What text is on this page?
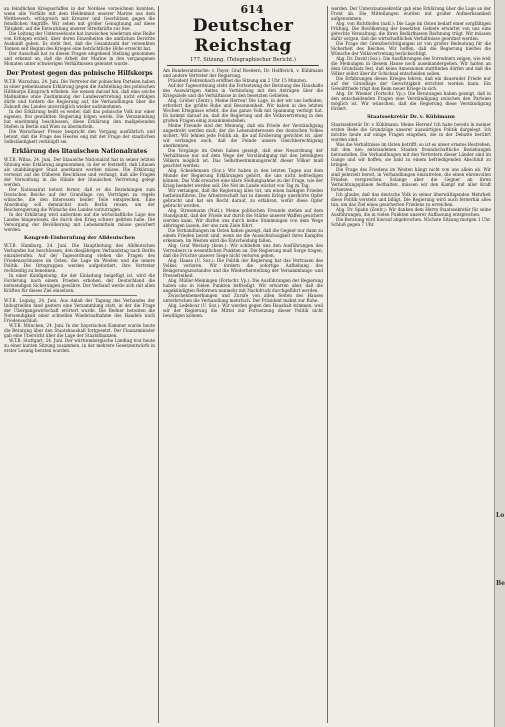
614

an feindlichen Kriegsschiffen in der Nordsee verzeichnen konnten, wenn alle Vorfälle mit dem Heldenmut unserer Marine aus dem Wettbewerb, erfolgreich mit Kreuzer und Geschützen gegen die feindlichen Angriffe. Wir sehen mit großer Genugtuung auf diese Tätigkeit, auf die Entwicklung unserer Streitkräfte zur See.

Die Leitung der Unterseeboote hat inzwischen wiederum eine Reihe von Erfolgen erzielt, über deren Einzelheiten die amtlichen Berichte Auskunft geben. Es steht fest, daß die Gesamtzahl der versenkten Tonnen seit Beginn des Krieges eine beträchtliche Höhe erreicht hat.

Der Ausschuß hat zu diesen Fragen eingehend Stellung genommen und erkennt an, daß die Arbeit der Marine in den vergangenen Monaten unter schwierigen Verhältnissen geleistet wurde.

Der Protest gegen das polnische Hilfskorps

W.T.B. Warschau, 24. Juni. Die Vertreter der polnischen Parteien haben in einer gemeinsamen Erklärung gegen die Aufstellung des polnischen Hilfskorps Einspruch erhoben. Sie weisen darauf hin, daß eine solche Maßnahme ohne Zustimmung der Landesvertretung nicht erfolgen dürfe und fordern die Regierung auf, die Verhandlungen über die Zukunft des Landes unverzüglich wieder aufzunehmen.

In der Erklärung heißt es weiter, daß das polnische Volk nur einer eigenen, frei gewählten Regierung folgen werde. Die Versammlung hat einstimmig beschlossen, diese Erklärung den maßgebenden Stellen in Berlin und Wien zu übermitteln.

Die Warschauer Presse bespricht den Vorgang ausführlich und betont, daß die Frage des Heeres eng mit der Frage der staatlichen Selbständigkeit verknüpft sei.

Erklärung des litauischen Nationalrates

W.T.B. Wilna, 24. Juni. Der litauische Nationalrat hat in seiner letzten Sitzung eine Erklärung angenommen, in der er feststellt, daß Litauen als unabhängiger Staat anerkannt werden müsse. Die Erklärung verweist auf die früheren Beschlüsse und verlangt, daß alle Fragen der Verwaltung in die Hände der litauischen Vertretung gelegt werden.

Der Nationalrat betont ferner, daß er die Beziehungen zum Deutschen Reiche auf der Grundlage von Verträgen zu regeln wünsche, die den Interessen beider Teile entsprechen. Eine Abordnung soll demnächst nach Berlin reisen, um der Reichsregierung die Wünsche des Landes vorzutragen.

In der Erklärung wird außerdem auf die wirtschaftliche Lage des Landes hingewiesen, die durch den Krieg schwer gelitten habe. Die Versorgung der Bevölkerung mit Lebensmitteln müsse gesichert werden.

Kongreß-Einberufung der Alldeutschen

W.T.B. Hamburg, 24. Juni. Die Hauptleitung des Alldeutschen Verbandes hat beschlossen, den diesjährigen Verbandstag nach Berlin einzuberufen. Auf der Tagesordnung stehen die Fragen des Friedensschlusses im Osten, die Lage im Westen und die innere Politik. Die Ortsgruppen werden aufgefordert, ihre Vertreter rechtzeitig zu benennen.

In einer Kundgebung, die der Einladung beigefügt ist, wird die Forderung nach einem Frieden erhoben, der Deutschland die notwendigen Sicherungen gewähre. Der Verband werde sich mit allen Kräften für dieses Ziel einsetzen.

W.T.B. Leipzig, 24. Juni. Aus Anlaß der Tagung des Verbandes der Industriellen fand gestern eine Versammlung statt, in der die Frage der Übergangswirtschaft erörtert wurde. Die Redner betonten die Notwendigkeit einer schnellen Wiederaufnahme des Handels nach Friedensschluß.

W.T.B. München, 24. Juni. In der bayerischen Kammer wurde heute die Beratung über den Staatshaushalt fortgesetzt. Der Finanzminister gab eine Übersicht über die Lage der Staatsfinanzen.

W.T.B. Stuttgart, 24. Juni. Der württembergische Landtag trat heute zu einer kurzen Sitzung zusammen, in der mehrere Gesetzentwürfe in erster Lesung beraten wurden.

Deutscher Reichstag
177. Sitzung. (Telegraphischer Bericht.)

Am Bundesratstische: v. Payer, Graf Roedern, Dr. Helfferich, v. Kühlmann und andere Vertreter der Regierung.

Präsident Fehrenbach eröffnet die Sitzung um 2 Uhr 15 Minuten.

Auf der Tagesordnung steht die Fortsetzung der Beratung des Haushalts des Auswärtigen Amtes in Verbindung mit den Anträgen über die Kriegsziele und die Verhältnisse in den besetzten Gebieten.

Abg. Gröber (Zentr.): Meine Herren! Die Lage, in der wir uns befinden, erfordert die größte Ruhe und Besonnenheit. Wir haben in den letzten Wochen Ereignisse erlebt, die das ganze Volk mit Spannung verfolgt hat. Es kommt darauf an, daß die Regierung und die Volksvertretung in den großen Fragen einig zusammenstehen.

Meine Freunde sind der Meinung, daß ein Friede der Verständigung angestrebt werden muß, der die Lebensinteressen des deutschen Volkes sichert. Wir lehnen jede Politik ab, die auf Eroberung gerichtet ist, aber wir verlangen auch, daß die Feinde unsere Gleichberechtigung anerkennen.

Die Vorgänge im Osten haben gezeigt, daß eine Neuordnung der Verhältnisse nur auf dem Wege der Verständigung mit den beteiligten Völkern möglich ist. Das Selbstbestimmungsrecht dieser Völker muß geachtet werden.

Abg. Scheidemann (Soz.): Wir haben in den letzten Tagen aus dem Munde der Regierung Erklärungen gehört, die uns nicht befriedigen können. Das Volk erwartet eine klare Stellungnahme zu der Frage, wie der Krieg beendet werden soll. Die Not im Lande wächst von Tag zu Tag.

Wir verlangen, daß die Regierung alles tut, um einen baldigen Frieden herbeizuführen. Die Arbeiterschaft hat in diesem Kriege unerhörte Opfer gebracht und hat ein Recht darauf, zu erfahren, wofür diese Opfer gebracht werden.

Abg. Stresemann (Natl.): Meine politischen Freunde stehen auf dem Standpunkt, daß der Friede nur durch die Stärke unserer Waffen gesichert werden kann. Wir dürfen uns durch keine Stimmungen von dem Wege abbringen lassen, der uns zum Ziele führt.

Die Verhandlungen im Osten haben gezeigt, daß die Gegner nur dann zu einem Frieden bereit sind, wenn sie die Aussichtslosigkeit ihres Kampfes erkennen. Im Westen wird die Entscheidung fallen.

Abg. Graf Westarp (kons.): Wir schließen uns den Ausführungen des Vorredners in wesentlichen Punkten an. Die Regierung muß Sorge tragen, daß die Früchte unserer Siege nicht verloren gehen.

Abg. Haase (U. Soz.): Die Politik der Regierung hat das Vertrauen des Volkes verloren. Wir fordern die sofortige Aufhebung des Belagerungszustandes und die Wiederherstellung der Versammlungs- und Pressefreiheit.

Abg. Müller-Meiningen (Fortschr. Vp.): Die Ausführungen der Regierung haben uns in vielen Punkten befriedigt. Wir erwarten aber, daß die angekündigten Reformen nunmehr mit Nachdruck durchgeführt werden.

Zwischenbemerkungen und Zurufe von allen Seiten des Hauses unterbrechen die Verhandlung mehrfach. Der Präsident mahnt zur Ruhe.

Abg. Ledebour (U. Soz.): Wir werden gegen den Haushalt stimmen, weil wir der Regierung die Mittel zur Fortsetzung dieser Politik nicht bewilligen können.

werden. Der Unterstaatssekretär gab eine Erklärung über die Lage an der Front ab. Die Mitteilungen wurden mit großer Aufmerksamkeit aufgenommen.

Abg. von Richthofen (natl.): Die Lage im Osten bedarf einer sorgfältigen Prüfung. Die Bevölkerung der besetzten Gebiete erwartet von uns eine gerechte Verwaltung, die ihren Bedürfnissen Rechnung trägt. Wir müssen dafür sorgen, daß die wirtschaftlichen Verhältnisse geordnet werden.

Die Frage der Grenzberichtigungen ist von großer Bedeutung für die Sicherheit des Reiches. Wir hoffen, daß die Regierung hierbei die Wünsche der Volksvertretung berücksichtigt.

Abg. Dr. David (Soz.): Die Ausführungen des Vorredners zeigen, wie weit die Meinungen in diesem Hause noch auseinandergehen. Wir halten an dem Grundsatz fest, daß keine Annexionen stattfinden dürfen und daß die Völker selbst über ihr Schicksal entscheiden sollen.

Die Erfahrungen dieses Krieges lehren, daß ein dauernder Friede nur auf der Grundlage der Gerechtigkeit errichtet werden kann. Ein Gewaltfriede trägt den Keim neuer Kriege in sich.

Abg. Dr. Wiemer (Fortschr. Vp.): Die Beratungen haben gezeigt, daß in den entscheidenden Fragen eine Verständigung zwischen den Parteien möglich ist. Wir wünschen, daß die Regierung diese Verständigung fördert.

Staatssekretär Dr. v. Kühlmann

Staatssekretär Dr. v. Kühlmann: Meine Herren! Ich habe bereits in meiner ersten Rede die Grundzüge unserer auswärtigen Politik dargelegt. Ich möchte heute auf einige Fragen eingehen, die in der Debatte berührt worden sind.

Was die Verhältnisse im Osten betrifft, so ist es unser ernstes Bestreben, mit den neu entstandenen Staaten freundschaftliche Beziehungen herzustellen. Die Verhandlungen mit den Vertretern dieser Länder sind im Gange und wir hoffen, sie bald zu einem befriedigenden Abschluß zu bringen.

Die Frage des Friedens im Westen hängt nicht von uns allein ab. Wir sind jederzeit bereit, in Verhandlungen einzutreten, die einen ehrenvollen Frieden versprechen. Solange aber die Gegner an ihren Vernichtungsplänen festhalten, müssen wir den Kampf mit aller Kraft fortsetzen.

Ich glaube, daß das deutsche Volk in seiner überwältigenden Mehrheit diese Politik versteht und billigt. Die Regierung wird auch fernerhin alles tun, um das Ziel eines gesicherten Friedens zu erreichen.

Abg. Dr. Spahn (Zentr.): Wir danken dem Herrn Staatssekretär für seine Ausführungen, die in vielen Punkten unserer Auffassung entsprechen.

Die Beratung wird hierauf abgebrochen. Nächste Sitzung morgen 1 Uhr. Schluß gegen 7 Uhr.

Lo
Be
